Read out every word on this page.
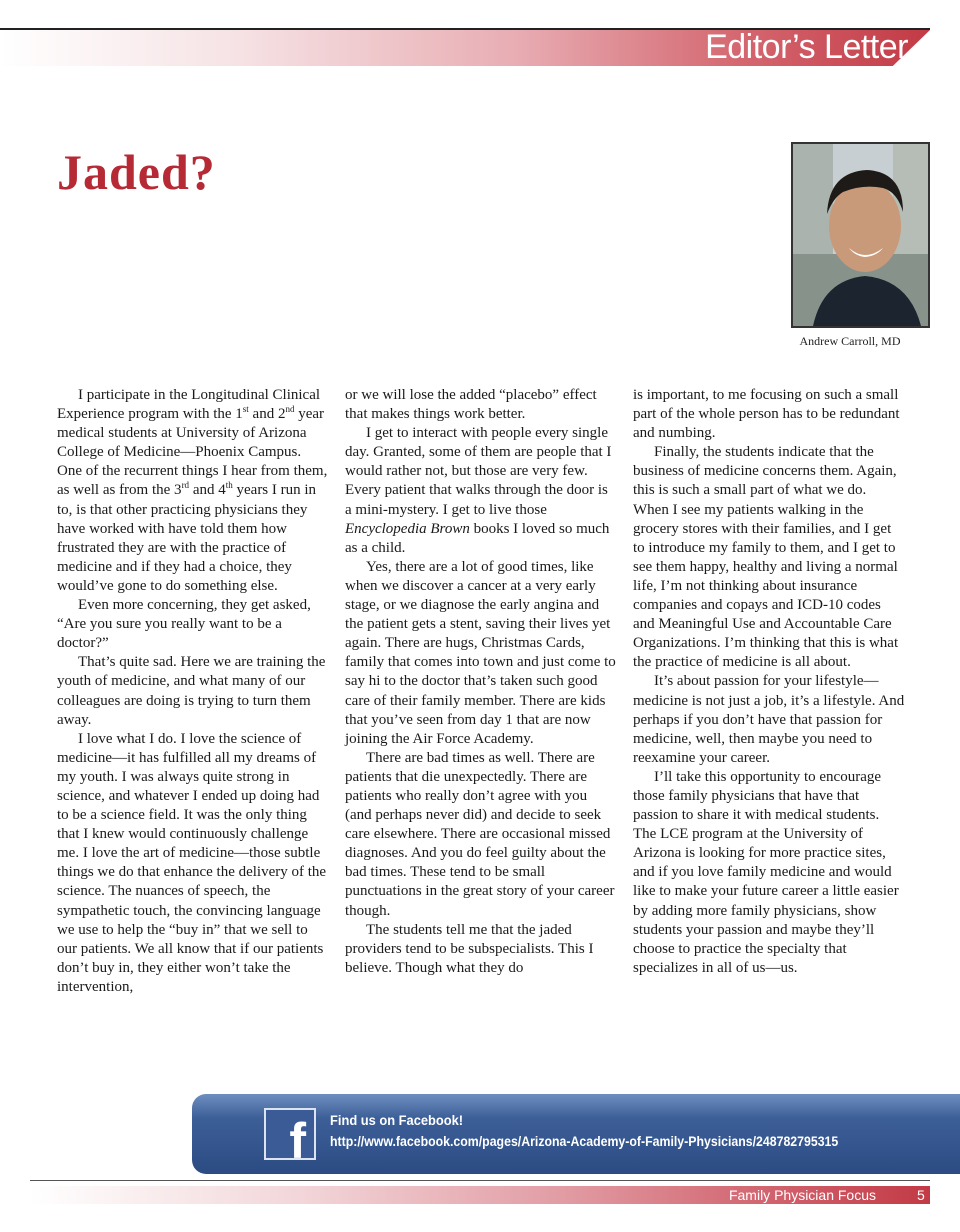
Editor’s Letter
Jaded?
Andrew Carroll, MD

I participate in the Longitudinal Clinical Experience program with the 1st and 2nd year medical students at University of Arizona College of Medicine—Phoenix Campus. One of the recurrent things I hear from them, as well as from the 3rd and 4th years I run in to, is that other practicing physicians they have worked with have told them how frustrated they are with the practice of medicine and if they had a choice, they would’ve gone to do something else.

Even more concerning, they get asked, “Are you sure you really want to be a doctor?”

That’s quite sad. Here we are training the youth of medicine, and what many of our colleagues are doing is trying to turn them away.

I love what I do. I love the science of medicine—it has fulfilled all my dreams of my youth. I was always quite strong in science, and whatever I ended up doing had to be a science field. It was the only thing that I knew would continuously challenge me. I love the art of medicine—those subtle things we do that enhance the delivery of the science. The nuances of speech, the sympathetic touch, the convincing language we use to help the “buy in” that we sell to our patients. We all know that if our patients don’t buy in, they either won’t take the intervention,

or we will lose the added “placebo” effect that makes things work better.

I get to interact with people every single day. Granted, some of them are people that I would rather not, but those are very few. Every patient that walks through the door is a mini-mystery. I get to live those Encyclopedia Brown books I loved so much as a child.

Yes, there are a lot of good times, like when we discover a cancer at a very early stage, or we diagnose the early angina and the patient gets a stent, saving their lives yet again. There are hugs, Christmas Cards, family that comes into town and just come to say hi to the doctor that’s taken such good care of their family member. There are kids that you’ve seen from day 1 that are now joining the Air Force Academy.

There are bad times as well. There are patients that die unexpectedly. There are patients who really don’t agree with you (and perhaps never did) and decide to seek care elsewhere. There are occasional missed diagnoses. And you do feel guilty about the bad times. These tend to be small punctuations in the great story of your career though.

The students tell me that the jaded providers tend to be subspecialists. This I believe. Though what they do

is important, to me focusing on such a small part of the whole person has to be redundant and numbing.

Finally, the students indicate that the business of medicine concerns them. Again, this is such a small part of what we do. When I see my patients walking in the grocery stores with their families, and I get to introduce my family to them, and I get to see them happy, healthy and living a normal life, I’m not thinking about insurance companies and copays and ICD-10 codes and Meaningful Use and Accountable Care Organizations. I’m thinking that this is what the practice of medicine is all about.

It’s about passion for your lifestyle—medicine is not just a job, it’s a lifestyle. And perhaps if you don’t have that passion for medicine, well, then maybe you need to reexamine your career.

I’ll take this opportunity to encourage those family physicians that have that passion to share it with medical students. The LCE program at the University of Arizona is looking for more practice sites, and if you love family medicine and would like to make your future career a little easier by adding more family physicians, show students your passion and maybe they’ll choose to practice the specialty that specializes in all of us—us.

f Find us on Facebook!
http://www.facebook.com/pages/Arizona-Academy-of-Family-Physicians/248782795315
Family Physician Focus	5
